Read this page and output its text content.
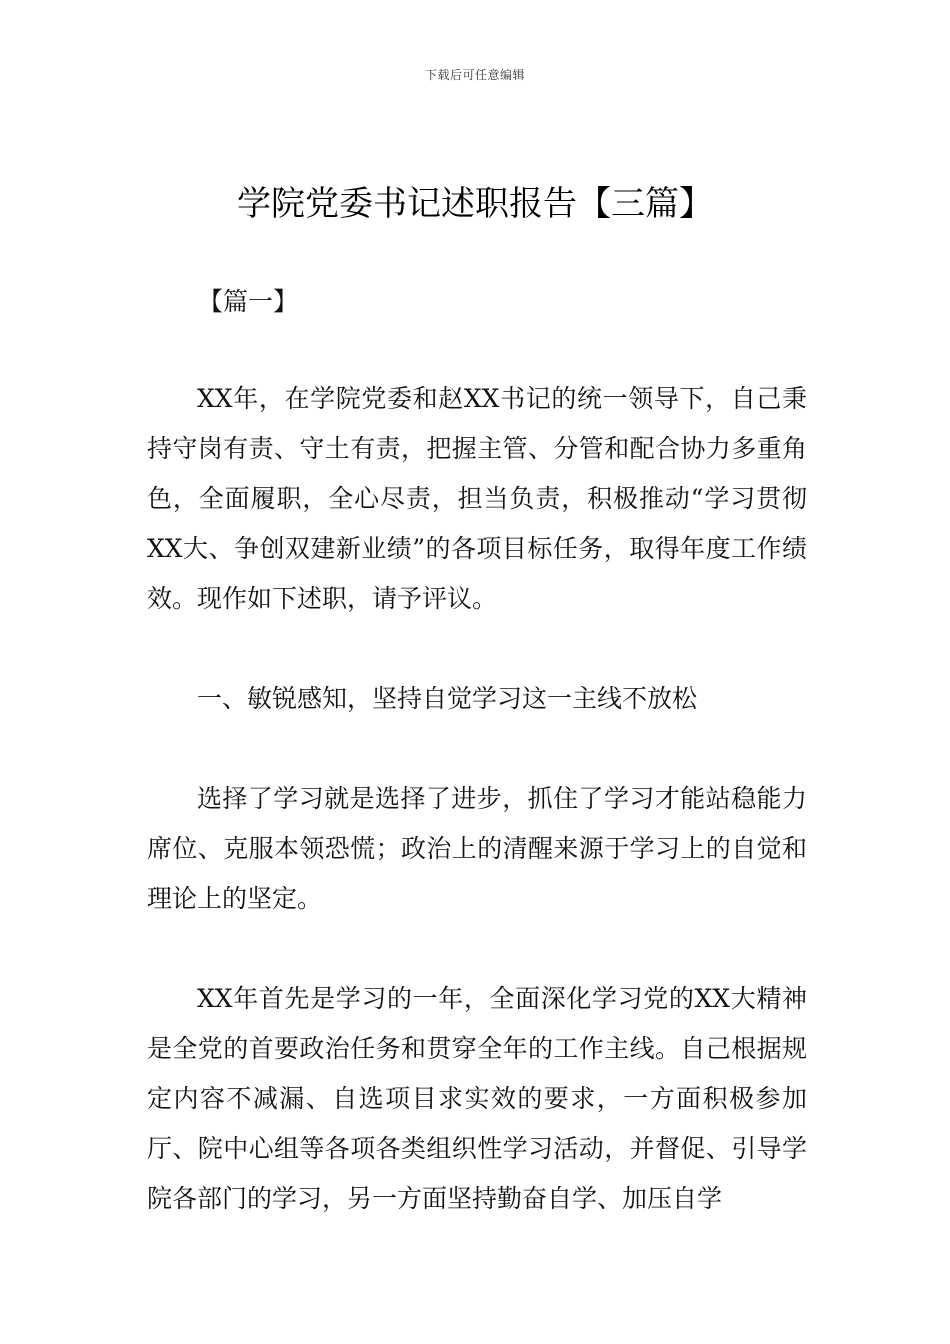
下载后可任意编辑
学院党委书记述职报告【三篇】
【篇一】

XX年，在学院党委和赵XX书记的统一领导下，自己秉持守岗有责、守土有责，把握主管、分管和配合协力多重角色，全面履职，全心尽责，担当负责，积极推动“学习贯彻XX大、争创双建新业绩”的各项目标任务，取得年度工作绩效。现作如下述职，请予评议。

一、敏锐感知，坚持自觉学习这一主线不放松

选择了学习就是选择了进步，抓住了学习才能站稳能力席位、克服本领恐慌；政治上的清醒来源于学习上的自觉和理论上的坚定。

XX年首先是学习的一年，全面深化学习党的XX大精神是全党的首要政治任务和贯穿全年的工作主线。自己根据规定内容不减漏、自选项目求实效的要求，一方面积极参加厅、院中心组等各项各类组织性学习活动，并督促、引导学院各部门的学习，另一方面坚持勤奋自学、加压自学
